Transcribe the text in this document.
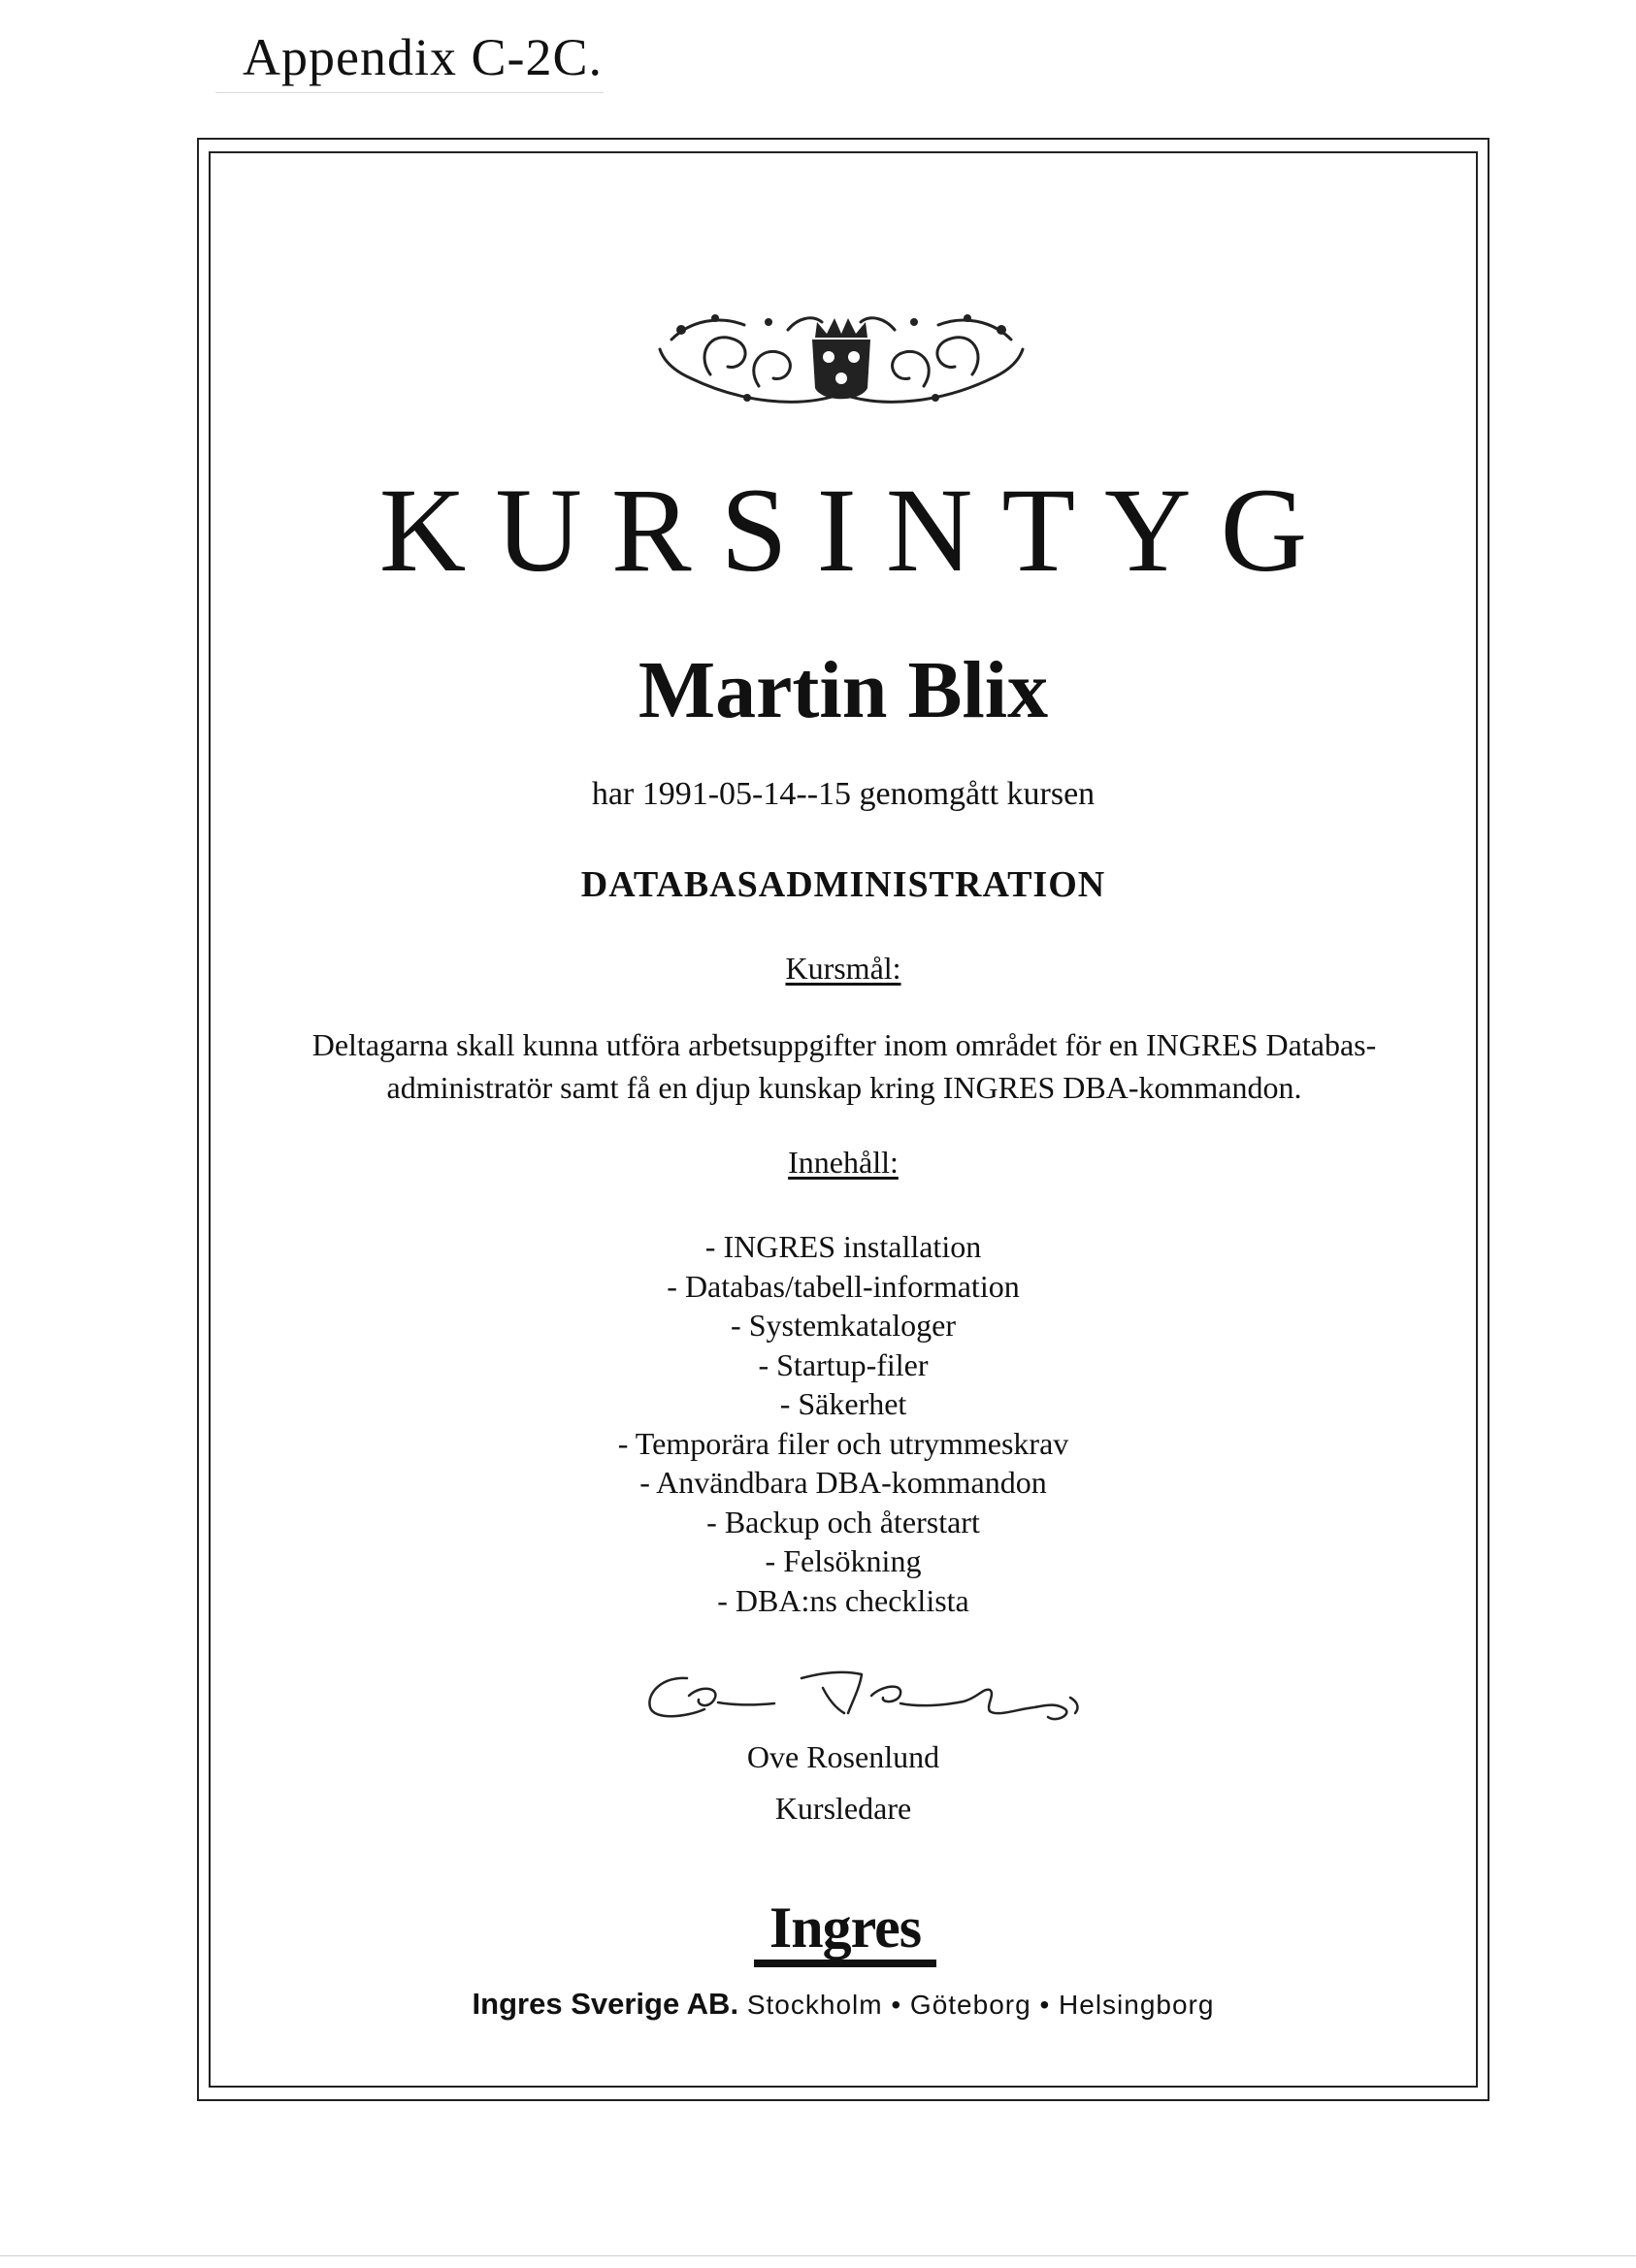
Appendix C-2C.
KURSINTYG
Martin Blix
har 1991-05-14--15 genomgått kursen
DATABASADMINISTRATION
Kursmål:
Deltagarna skall kunna utföra arbetsuppgifter inom området för en INGRES Databas-
administratör samt få en djup kunskap kring INGRES DBA-kommandon.
Innehåll:
- INGRES installation
- Databas/tabell-information
- Systemkataloger
- Startup-filer
- Säkerhet
- Temporära filer och utrymmeskrav
- Användbara DBA-kommandon
- Backup och återstart
- Felsökning
- DBA:ns checklista
Ove Rosenlund
Kursledare
Ingres
Ingres Sverige AB. Stockholm • Göteborg • Helsingborg
